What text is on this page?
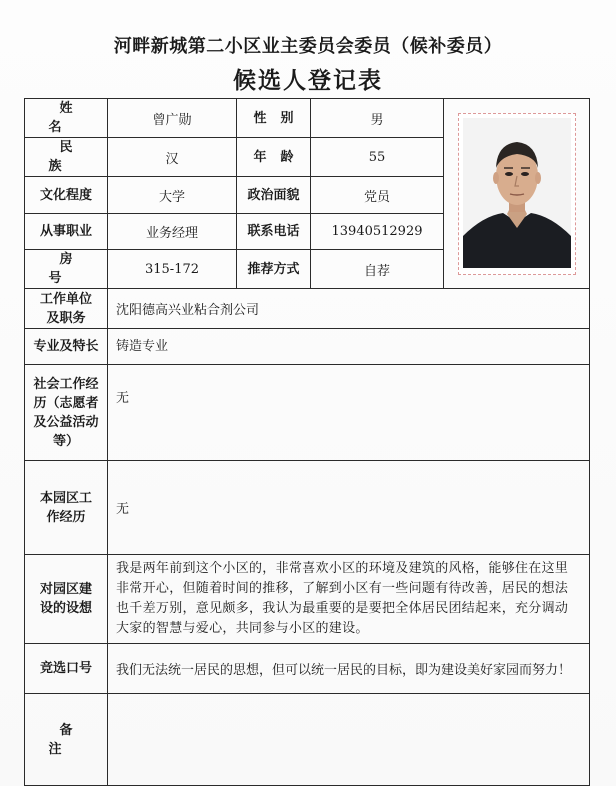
河畔新城第二小区业主委员会委员（候补委员）
候选人登记表
姓名	曾广勋	性别	男	

民族	汉	年龄	55	
文化程度	大学	政治面貌	党员	
从事职业	业务经理	联系电话	13940512929	
房号	315-172	推荐方式	自荐	
工作单位及职务	沈阳德高兴业粘合剂公司			
专业及特长	铸造专业			
社会工作经历（志愿者及公益活动等）	无			
本园区工作经历	无			
对园区建设的设想	我是两年前到这个小区的，非常喜欢小区的环境及建筑的风格，能够住在这里非常开心，但随着时间的推移，了解到小区有一些问题有待改善，居民的想法也千差万别，意见颇多，我认为最重要的是要把全体居民团结起来，充分调动大家的智慧与爱心，共同参与小区的建设。			
竞选口号	我们无法统一居民的思想，但可以统一居民的目标，即为建设美好家园而努力！			
备注				
